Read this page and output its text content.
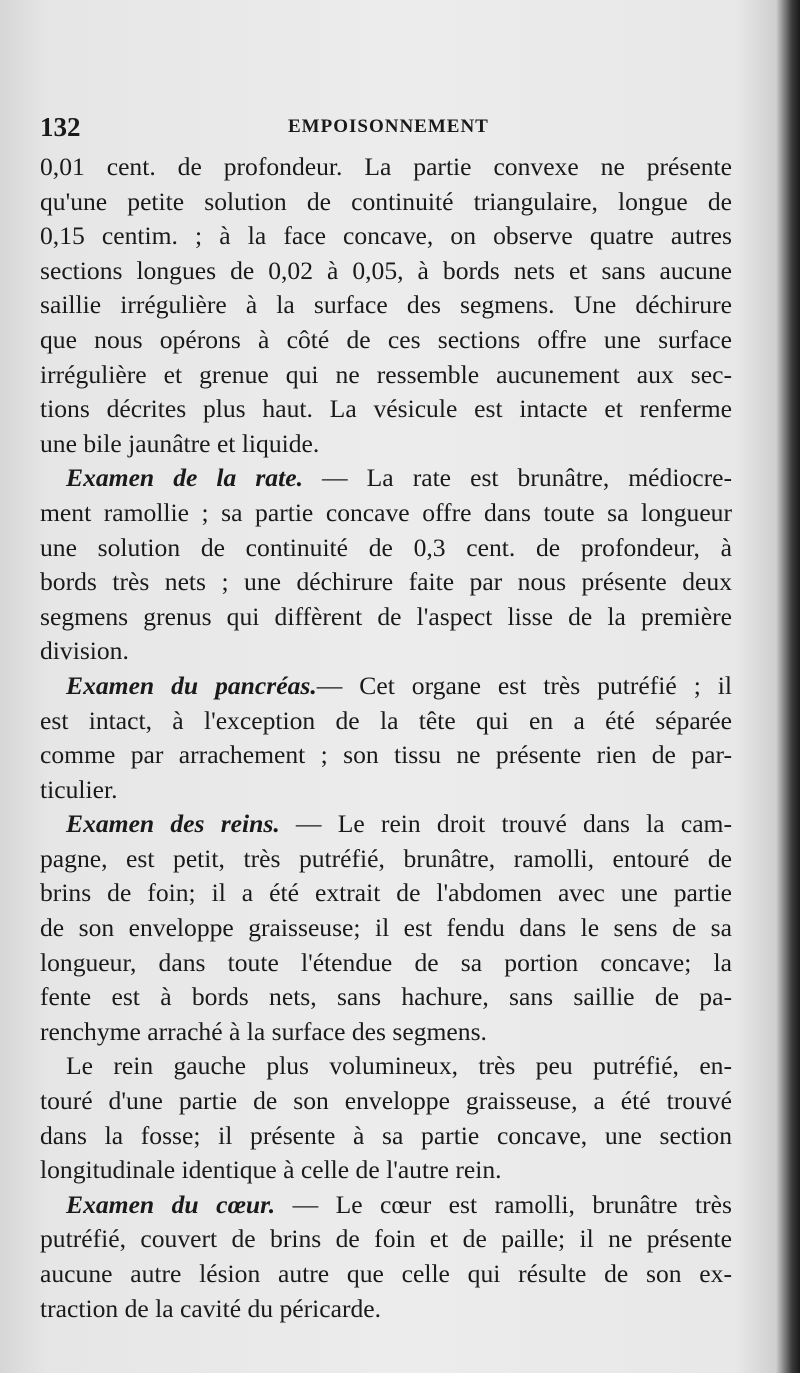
132	EMPOISONNEMENT
0,01 cent. de profondeur. La partie convexe ne présente
qu'une petite solution de continuité triangulaire, longue de
0,15 centim. ; à la face concave, on observe quatre autres
sections longues de 0,02 à 0,05, à bords nets et sans aucune
saillie irrégulière à la surface des segmens. Une déchirure
que nous opérons à côté de ces sections offre une surface
irrégulière et grenue qui ne ressemble aucunement aux sec-
tions décrites plus haut. La vésicule est intacte et renferme
une bile jaunâtre et liquide.
Examen de la rate. — La rate est brunâtre, médiocre-
ment ramollie ; sa partie concave offre dans toute sa longueur
une solution de continuité de 0,3 cent. de profondeur, à
bords très nets ; une déchirure faite par nous présente deux
segmens grenus qui diffèrent de l'aspect lisse de la première
division.
Examen du pancréas.— Cet organe est très putréfié ; il
est intact, à l'exception de la tête qui en a été séparée
comme par arrachement ; son tissu ne présente rien de par-
ticulier.
Examen des reins. — Le rein droit trouvé dans la cam-
pagne, est petit, très putréfié, brunâtre, ramolli, entouré de
brins de foin; il a été extrait de l'abdomen avec une partie
de son enveloppe graisseuse; il est fendu dans le sens de sa
longueur, dans toute l'étendue de sa portion concave; la
fente est à bords nets, sans hachure, sans saillie de pa-
renchyme arraché à la surface des segmens.
Le rein gauche plus volumineux, très peu putréfié, en-
touré d'une partie de son enveloppe graisseuse, a été trouvé
dans la fosse; il présente à sa partie concave, une section
longitudinale identique à celle de l'autre rein.
Examen du cœur. — Le cœur est ramolli, brunâtre très
putréfié, couvert de brins de foin et de paille; il ne présente
aucune autre lésion autre que celle qui résulte de son ex-
traction de la cavité du péricarde.
